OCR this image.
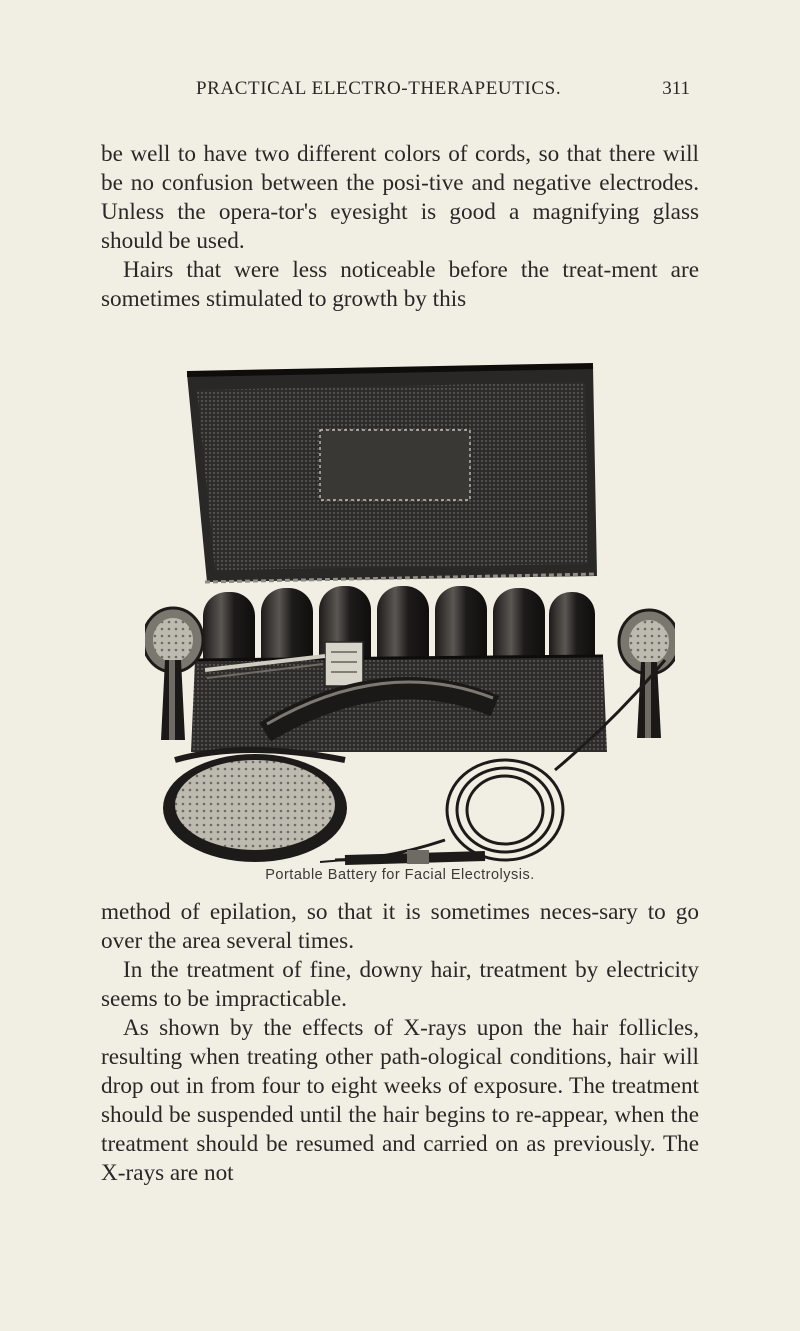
PRACTICAL ELECTRO-THERAPEUTICS.	311

be well to have two different colors of cords, so that there will be no confusion between the posi-tive and negative electrodes. Unless the opera-tor's eyesight is good a magnifying glass should be used.

Hairs that were less noticeable before the treat-ment are sometimes stimulated to growth by this

Portable Battery for Facial Electrolysis.

method of epilation, so that it is sometimes neces-sary to go over the area several times.

In the treatment of fine, downy hair, treatment by electricity seems to be impracticable.

As shown by the effects of X-rays upon the hair follicles, resulting when treating other path-ological conditions, hair will drop out in from four to eight weeks of exposure. The treatment should be suspended until the hair begins to re-appear, when the treatment should be resumed and carried on as previously. The X-rays are not
